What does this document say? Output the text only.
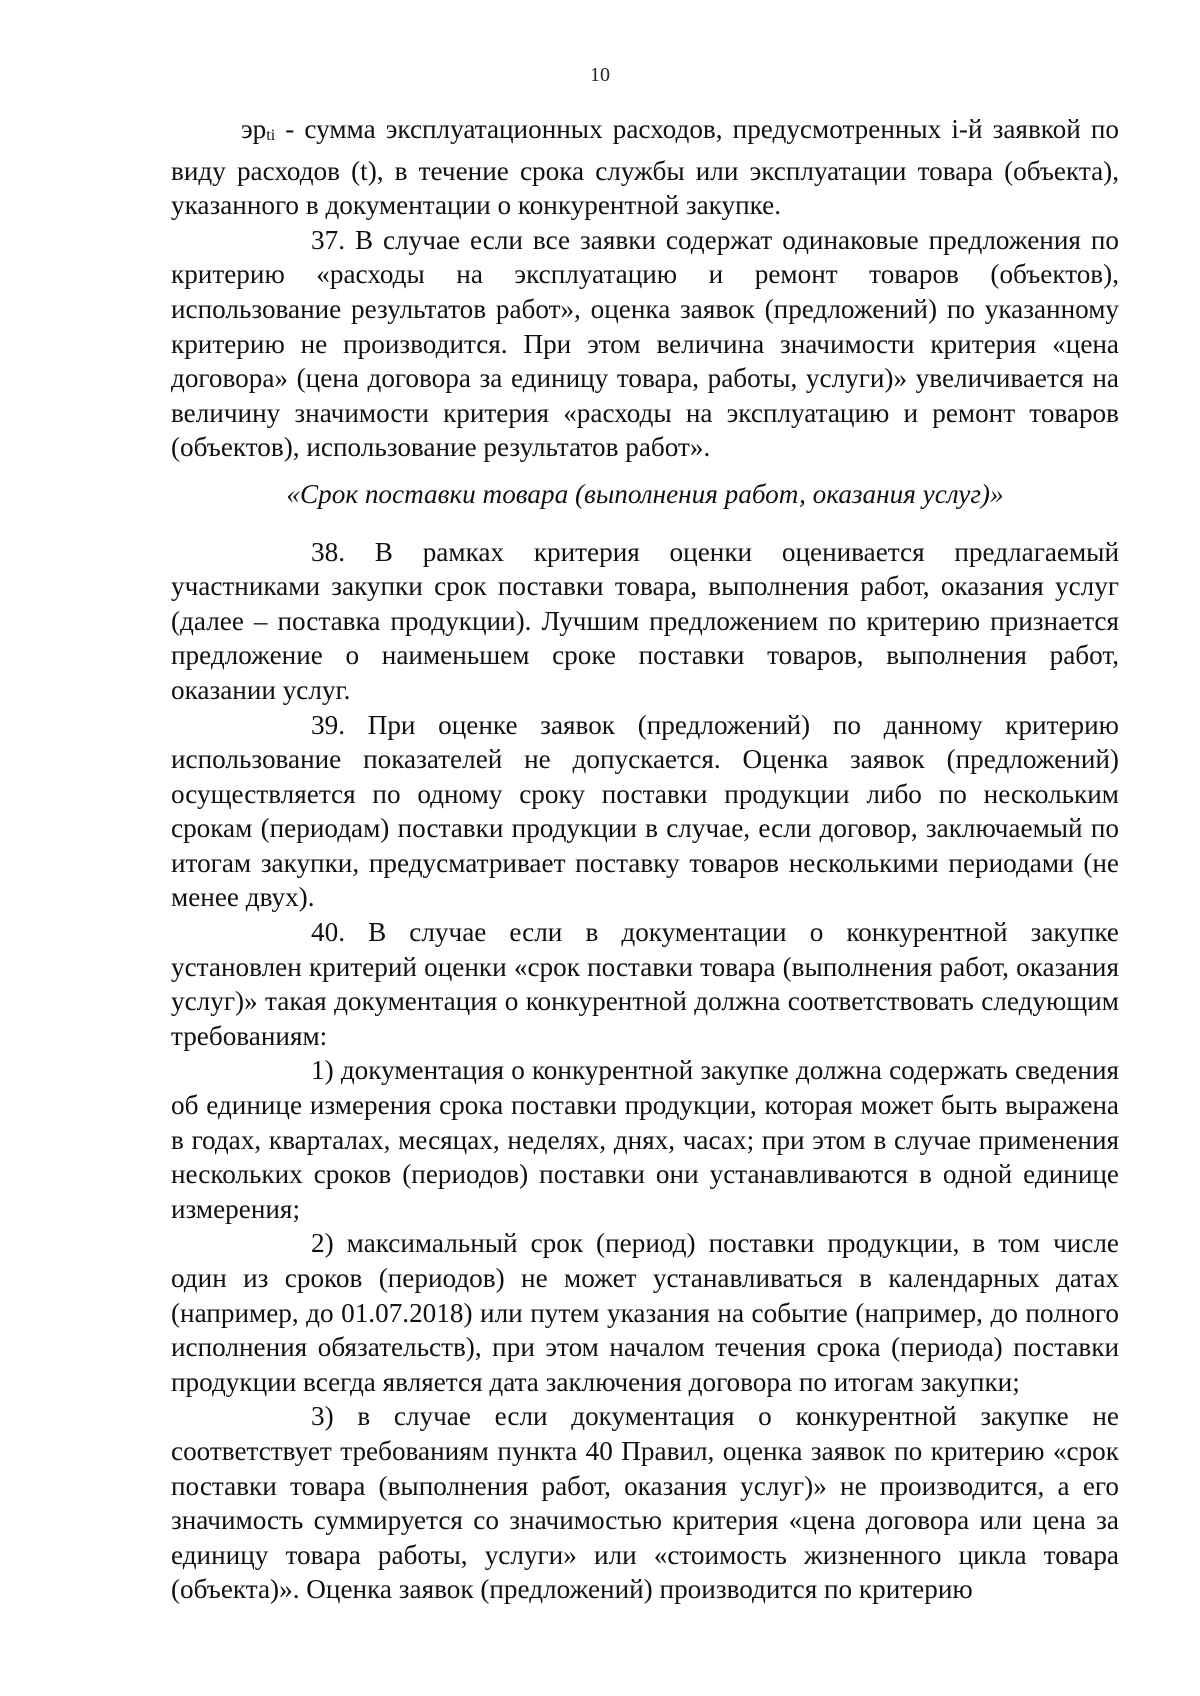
10

$эр_{ti}$ - сумма эксплуатационных расходов, предусмотренных i-й заявкой по виду расходов (t), в течение срока службы или эксплуатации товара (объекта), указанного в документации о конкурентной закупке.

37. В случае если все заявки содержат одинаковые предложения по критерию «расходы на эксплуатацию и ремонт товаров (объектов), использование результатов работ», оценка заявок (предложений) по указанному критерию не производится. При этом величина значимости критерия «цена договора» (цена договора за единицу товара, работы, услуги)» увеличивается на величину значимости критерия «расходы на эксплуатацию и ремонт товаров (объектов), использование результатов работ».

«Срок поставки товара (выполнения работ, оказания услуг)»

38. В рамках критерия оценки оценивается предлагаемый участниками закупки срок поставки товара, выполнения работ, оказания услуг (далее – поставка продукции). Лучшим предложением по критерию признается предложение о наименьшем сроке поставки товаров, выполнения работ, оказании услуг.

39. При оценке заявок (предложений) по данному критерию использование показателей не допускается. Оценка заявок (предложений) осуществляется по одному сроку поставки продукции либо по нескольким срокам (периодам) поставки продукции в случае, если договор, заключаемый по итогам закупки, предусматривает поставку товаров несколькими периодами (не менее двух).

40. В случае если в документации о конкурентной закупке установлен критерий оценки «срок поставки товара (выполнения работ, оказания услуг)» такая документация о конкурентной должна соответствовать следующим требованиям:

1) документация о конкурентной закупке должна содержать сведения об единице измерения срока поставки продукции, которая может быть выражена в годах, кварталах, месяцах, неделях, днях, часах; при этом в случае применения нескольких сроков (периодов) поставки они устанавливаются в одной единице измерения;

2) максимальный срок (период) поставки продукции, в том числе один из сроков (периодов) не может устанавливаться в календарных датах (например, до 01.07.2018) или путем указания на событие (например, до полного исполнения обязательств), при этом началом течения срока (периода) поставки продукции всегда является дата заключения договора по итогам закупки;

3) в случае если документация о конкурентной закупке не соответствует требованиям пункта 40 Правил, оценка заявок по критерию «срок поставки товара (выполнения работ, оказания услуг)» не производится, а его значимость суммируется со значимостью критерия «цена договора или цена за единицу товара работы, услуги» или «стоимость жизненного цикла товара (объекта)». Оценка заявок (предложений) производится по критерию
